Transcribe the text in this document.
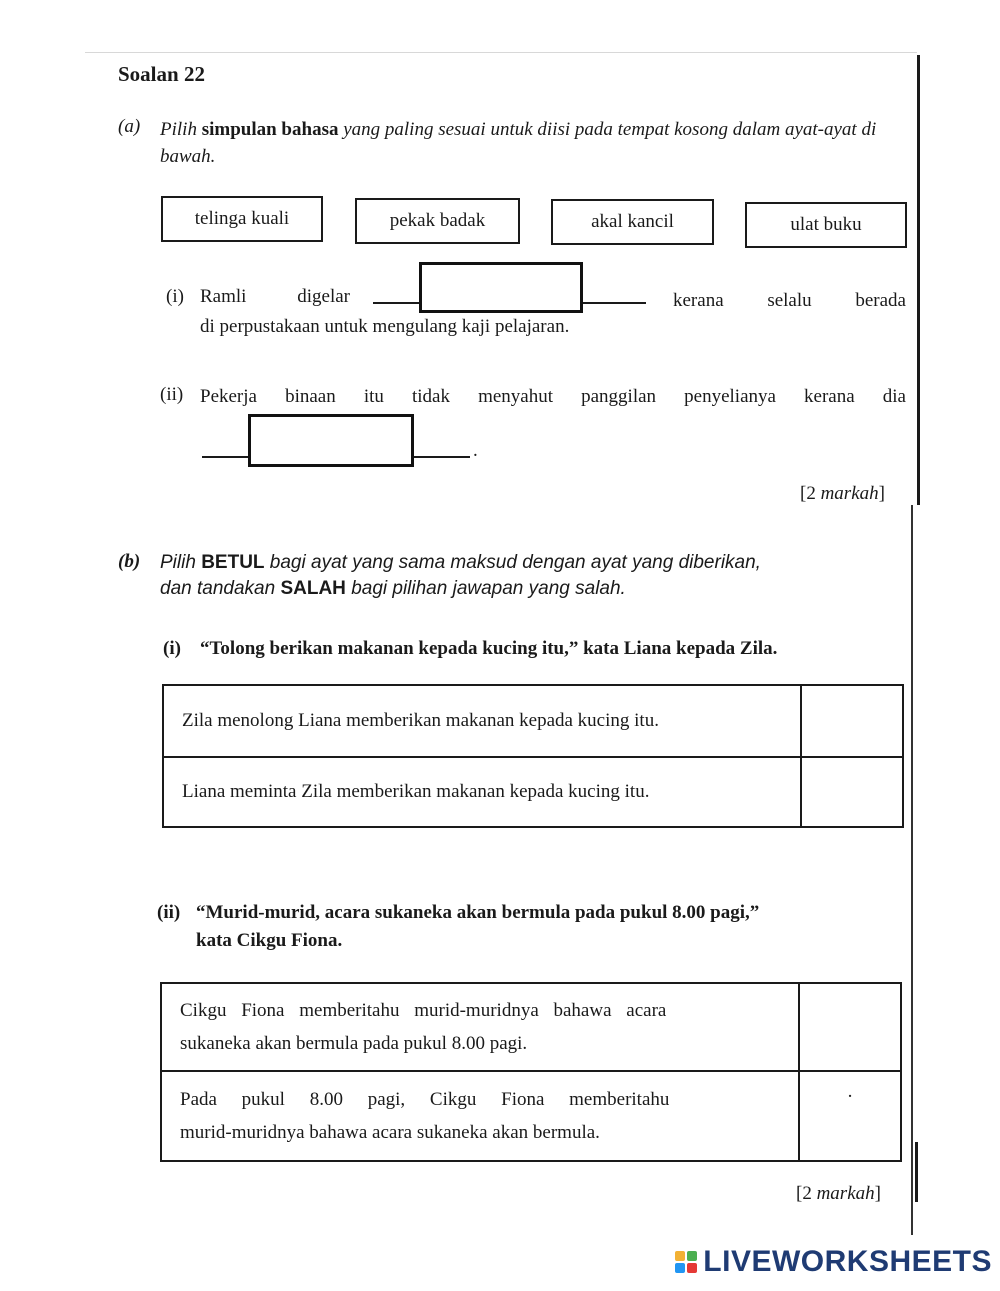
Soalan 22
(a) Pilih simpulan bahasa yang paling sesuai untuk diisi pada tempat kosong dalam ayat-ayat di bawah.
telinga kuali	pekak badak	akal kancil	ulat buku
(i) Ramli	digelar	kerana selalu berada
di perpustakaan untuk mengulang kaji pelajaran.
(ii) Pekerja binaan itu tidak menyahut panggilan penyelianya kerana dia
.
[2 markah]
(b) Pilih BETUL bagi ayat yang sama maksud dengan ayat yang diberikan,
dan tandakan SALAH bagi pilihan jawapan yang salah.
(i) “Tolong berikan makanan kepada kucing itu,” kata Liana kepada Zila.
Zila menolong Liana memberikan makanan kepada kucing itu.	
Liana meminta Zila memberikan makanan kepada kucing itu.	
(ii) “Murid-murid, acara sukaneka akan bermula pada pukul 8.00 pagi,”
kata Cikgu Fiona.
Cikgu Fiona memberitahu murid-muridnya bahawa acara
sukaneka akan bermula pada pukul 8.00 pagi.	

Pada pukul 8.00 pagi, Cikgu Fiona memberitahu
murid-muridnya bahawa acara sukaneka akan bermula.	·
[2 markah]
LIVEWORKSHEETS
